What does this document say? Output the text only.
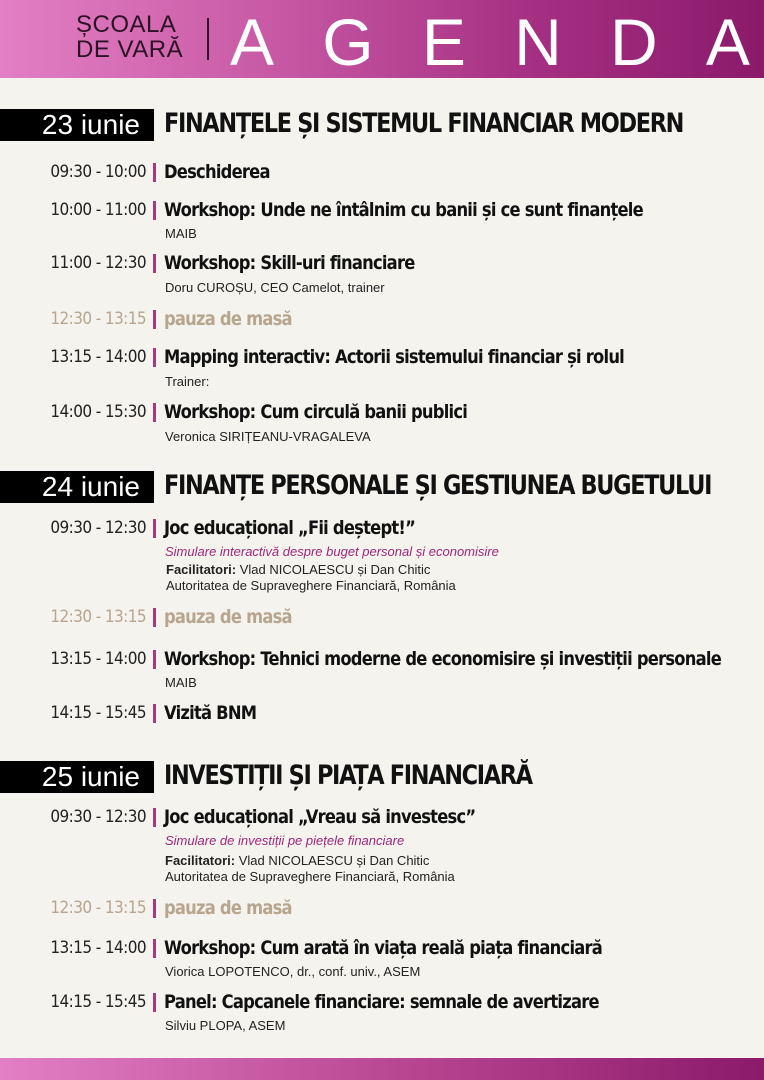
ȘCOALA
DE VARĂ A G E N D A
23 iunie FINANȚELE ȘI SISTEMUL FINANCIAR MODERN
09:30 - 10:00 Deschiderea
10:00 - 11:00 Workshop: Unde ne întâlnim cu banii și ce sunt finanțele
MAIB
11:00 - 12:30 Workshop: Skill-uri financiare
Doru CUROȘU, CEO Camelot, trainer
12:30 - 13:15 pauza de masă
13:15 - 14:00 Mapping interactiv: Actorii sistemului financiar și rolul
Trainer:
14:00 - 15:30 Workshop: Cum circulă banii publici
Veronica SIRIȚEANU-VRAGALEVA
24 iunie FINANȚE PERSONALE ȘI GESTIUNEA BUGETULUI
09:30 - 12:30 Joc educațional „Fii deștept!”
Simulare interactivă despre buget personal și economisire
Facilitatori: Vlad NICOLAESCU și Dan Chitic
Autoritatea de Supraveghere Financiară, România
12:30 - 13:15 pauza de masă
13:15 - 14:00 Workshop: Tehnici moderne de economisire și investiții personale
MAIB
14:15 - 15:45 Vizită BNM
25 iunie INVESTIȚII ȘI PIAȚA FINANCIARĂ
09:30 - 12:30 Joc educațional „Vreau să investesc”
Simulare de investiții pe piețele financiare
Facilitatori: Vlad NICOLAESCU și Dan Chitic
Autoritatea de Supraveghere Financiară, România
12:30 - 13:15 pauza de masă
13:15 - 14:00 Workshop: Cum arată în viața reală piața financiară
Viorica LOPOTENCO, dr., conf. univ., ASEM
14:15 - 15:45 Panel: Capcanele financiare: semnale de avertizare
Silviu PLOPA, ASEM
